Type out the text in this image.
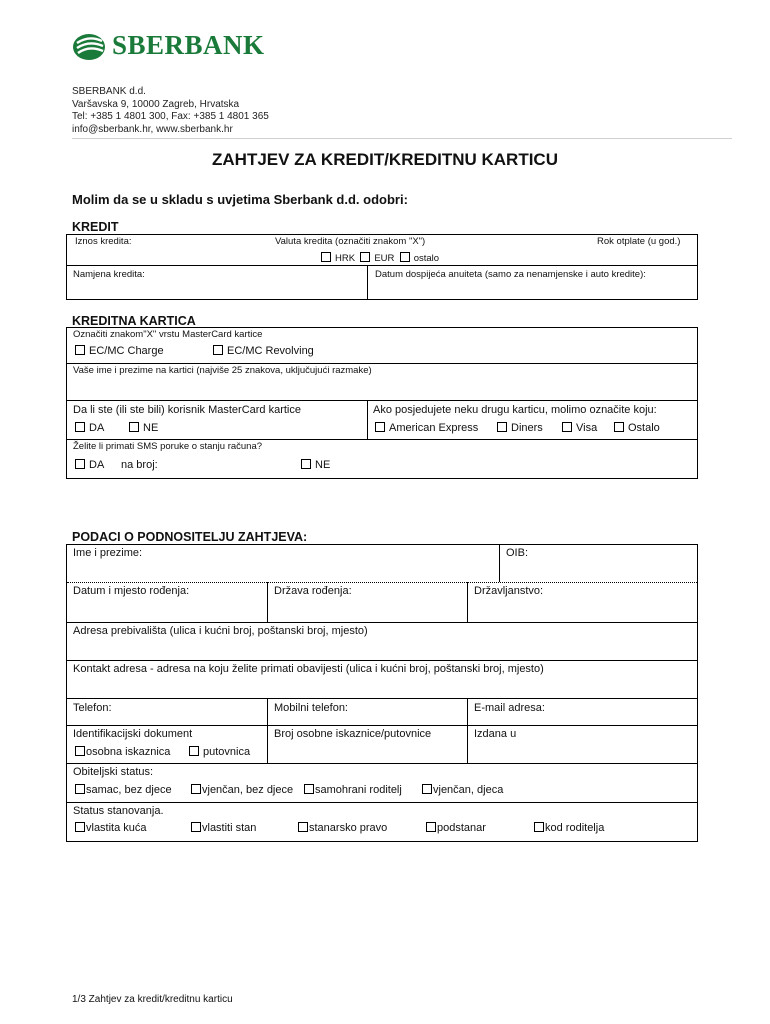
SBERBANK
SBERBANK d.d.
Varšavska 9, 10000 Zagreb, Hrvatska
Tel: +385 1 4801 300, Fax: +385 1 4801 365
info@sberbank.hr, www.sberbank.hr
ZAHTJEV ZA KREDIT/KREDITNU KARTICU
Molim da se u skladu s uvjetima Sberbank d.d. odobri:
KREDIT
Iznos kredita:	Valuta kredita (označiti znakom "X")	Rok otplate (u god.)
HRK EUR ostalo
Namjena kredita:	Datum dospijeća anuiteta (samo za nenamjenske i auto kredite):
KREDITNA KARTICA
Označiti znakom"X" vrstu MasterCard kartice
EC/MC Charge	EC/MC Revolving
Vaše ime i prezime na kartici (najviše 25 znakova, uključujući razmake)
Da li ste (ili ste bili) korisnik MasterCard kartice	Ako posjedujete neku drugu karticu, molimo označite koju:
DA	NE	American Express	Diners	Visa	Ostalo
Želite li primati SMS poruke o stanju računa?
DA na broj:	NE
PODACI O PODNOSITELJU ZAHTJEVA:
Ime i prezime:	OIB:
Datum i mjesto rođenja:	Država rođenja:	Državljanstvo:
Adresa prebivališta (ulica i kućni broj, poštanski broj, mjesto)
Kontakt adresa - adresa na koju želite primati obavijesti (ulica i kućni broj, poštanski broj, mjesto)
Telefon:	Mobilni telefon:	E-mail adresa:
Identifikacijski dokument	Broj osobne iskaznice/putovnice	Izdana u
osobna iskaznica	putovnica
Obiteljski status:
samac, bez djece	vjenčan, bez djece	samohrani roditelj	vjenčan, djeca
Status stanovanja.
vlastita kuća	vlastiti stan	stanarsko pravo	podstanar	kod roditelja
1/3 Zahtjev za kredit/kreditnu karticu
